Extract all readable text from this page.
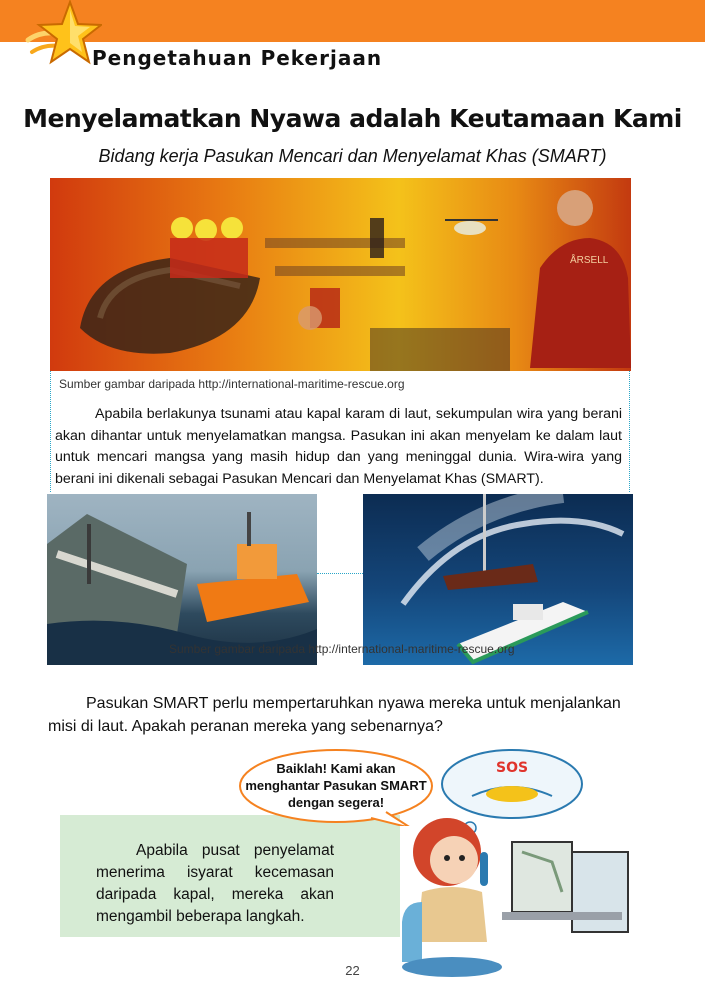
Pengetahuan Pekerjaan
Menyelamatkan Nyawa adalah Keutamaan Kami
Bidang kerja Pasukan Mencari dan Menyelamat Khas (SMART)
ÅRSELL
Sumber gambar daripada http://international-maritime-rescue.org
Apabila berlakunya tsunami atau kapal karam di laut, sekumpulan wira yang berani akan dihantar untuk menyelamatkan mangsa. Pasukan ini akan menyelam ke dalam laut untuk mencari mangsa yang masih hidup dan yang meninggal dunia. Wira-wira yang berani ini dikenali sebagai Pasukan Mencari dan Menyelamat Khas (SMART).
Sumber gambar daripada http://international-maritime-rescue.org
Pasukan SMART perlu mempertaruhkan nyawa mereka untuk menjalankan misi di laut. Apakah peranan mereka yang sebenarnya?
Apabila pusat penyelamat menerima isyarat kecemasan daripada kapal, mereka akan mengambil beberapa langkah.
Baiklah! Kami akan menghantar Pasukan SMART dengan segera!
SOS
22
